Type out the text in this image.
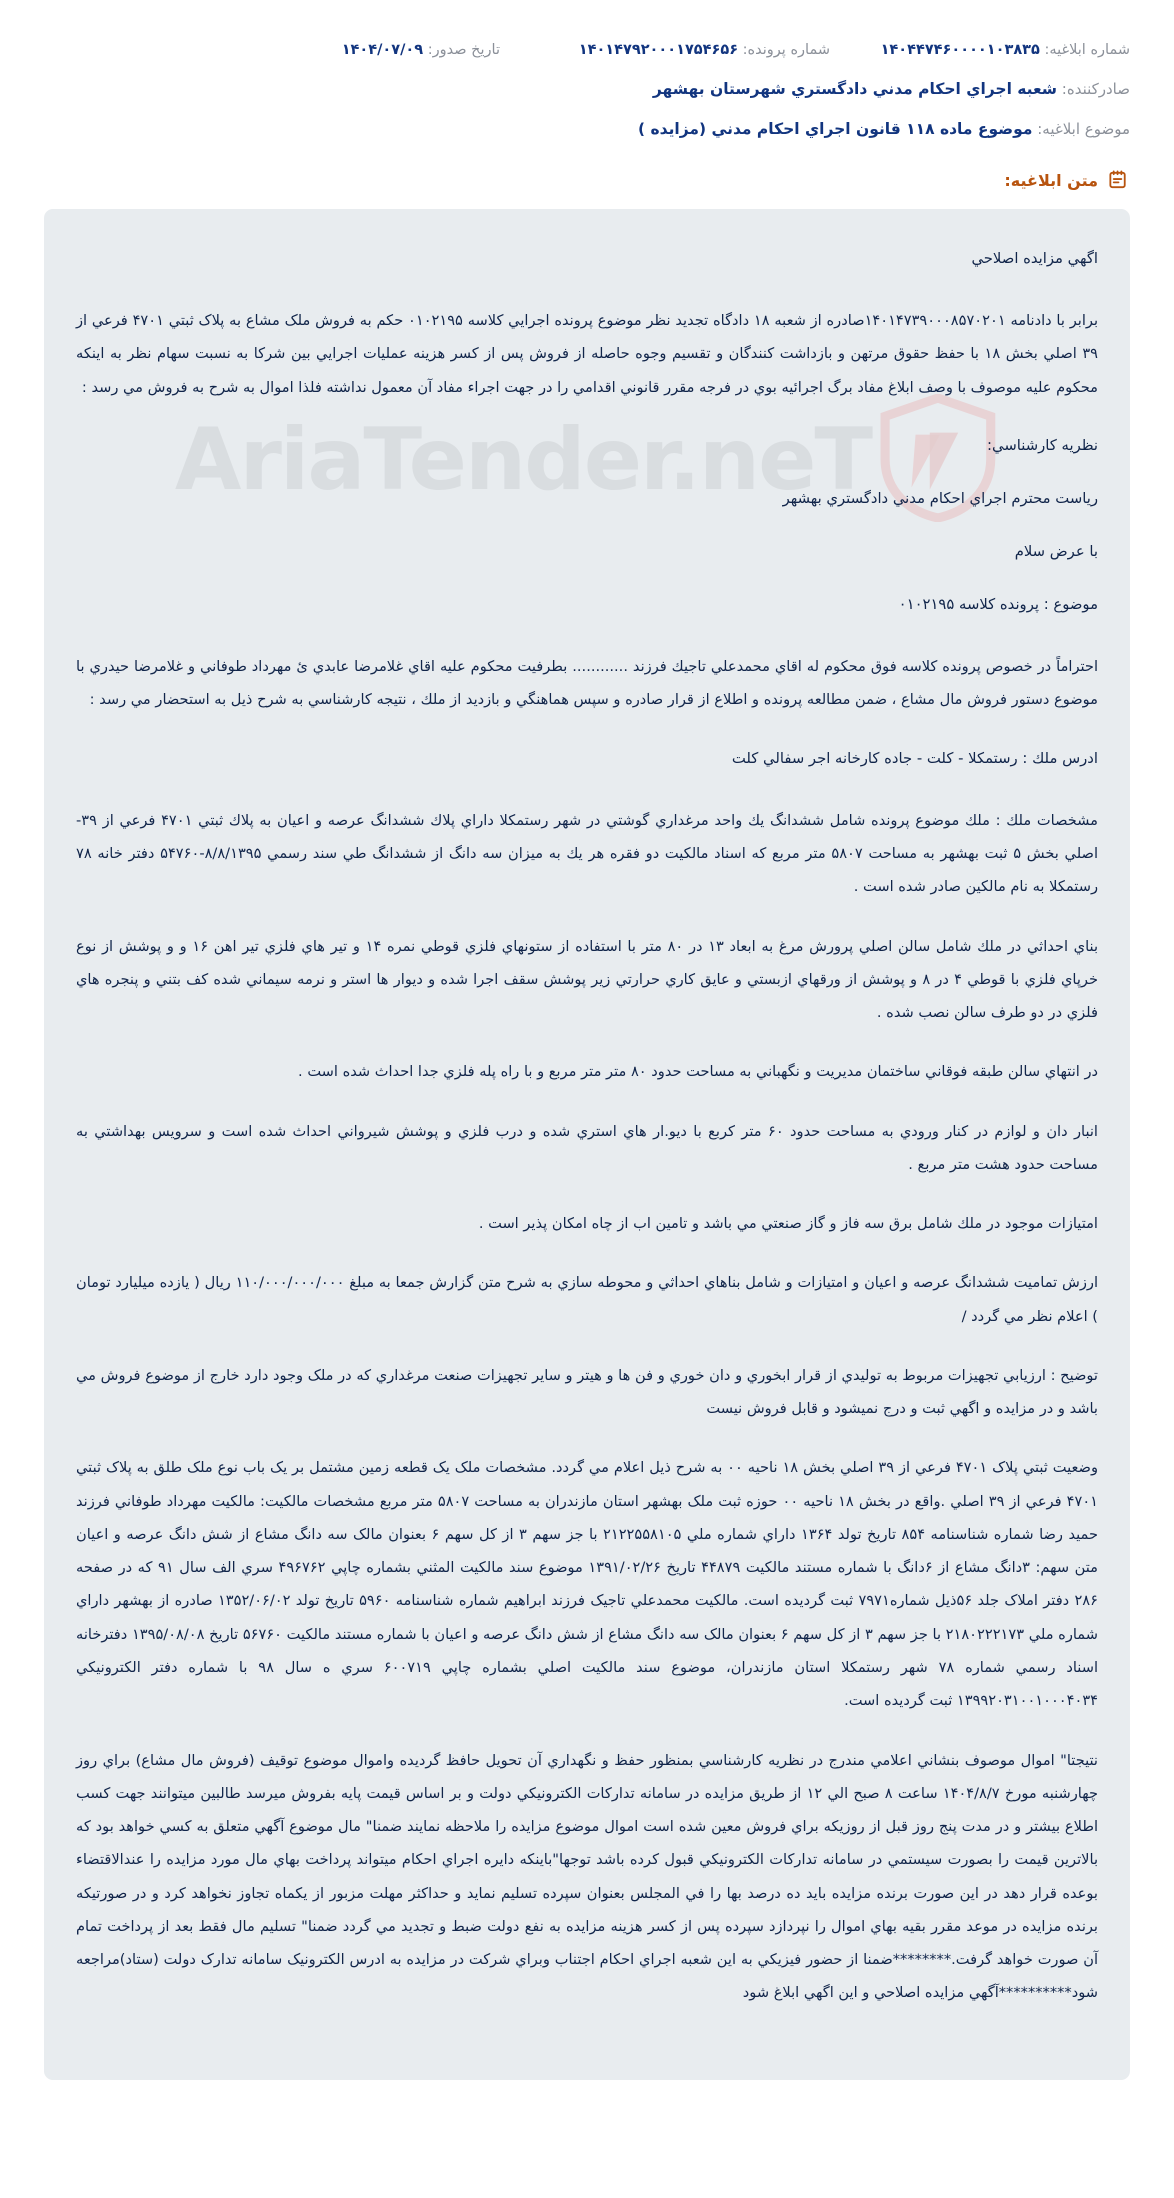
شماره ابلاغیه: ۱۴۰۴۴۷۴۶۰۰۰۰۱۰۳۸۳۵
شماره پرونده: ۱۴۰۱۴۷۹۲۰۰۰۱۷۵۴۶۵۶
تاریخ صدور: ۱۴۰۴/۰۷/۰۹
صادرکننده: شعبه اجراي احكام مدني دادگستري شهرستان بهشهر
موضوع ابلاغیه: موضوع ماده ۱۱۸ قانون اجراي احكام مدني (مزايده )
متن ابلاغیه:
AriaTender.neT

اگهي مزايده اصلاحي

برابر با دادنامه ۱۴۰۱۴۷۳۹۰۰۰۸۵۷۰۲۰۱صادره از شعبه ۱۸ دادگاه تجدید نظر موضوع پرونده اجرايي كلاسه ۰۱۰۲۱۹۵ حكم به فروش ملک مشاع به پلاک ثبتي ۴۷۰۱ فرعي از ۳۹ اصلي بخش ۱۸ با حفظ حقوق مرتهن و بازداشت كنندگان و تقسيم وجوه حاصله از فروش پس از كسر هزينه عمليات اجرايي بين شرکا به نسبت سهام نظر به اینکه محکوم علیه موصوف با وصف ابلاغ مفاد برگ اجرائیه بوي در فرجه مقرر قانوني اقدامي را در جهت اجراء مفاد آن معمول نداشته فلذا اموال به شرح به فروش مي رسد :

نظريه كارشناسي:

رياست محترم اجراي احكام مدني دادگستري بهشهر

با عرض سلام

موضوع : پرونده كلاسه ۰۱۰۲۱۹۵

احتراماً در خصوص پرونده كلاسه فوق محكوم له اقاي محمدعلي تاجيك فرزند ............ بطرفيت محكوم عليه اقاي غلامرضا عابدي ئ مهرداد طوفاني و غلامرضا حيدري با موضوع دستور فروش مال مشاع ، ضمن مطالعه پرونده و اطلاع از قرار صادره و سپس هماهنگي و بازديد از ملك ، نتيجه كارشناسي به شرح ذيل به استحضار مي رسد :

ادرس ملك : رستمكلا - كلت - جاده كارخانه اجر سفالي كلت

مشخصات ملك : ملك موضوع پرونده شامل ششدانگ يك واحد مرغداري گوشتي در شهر رستمكلا داراي پلاك ششدانگ عرصه و اعيان به پلاك ثبتي ۴۷۰۱ فرعي از ۳۹- اصلي بخش ۵ ثبت بهشهر به مساحت ۵۸۰۷ متر مربع كه اسناد مالكيت دو فقره هر يك به ميزان سه دانگ از ششدانگ طي سند رسمي ۸/۸/۱۳۹۵-۵۴۷۶۰ دفتر خانه ۷۸ رستمكلا به نام مالكين صادر شده است .

بناي احداثي در ملك شامل سالن اصلي پرورش مرغ به ابعاد ۱۳ در ۸۰ متر با استفاده از ستونهاي فلزي قوطي نمره ۱۴ و تير هاي فلزي تير اهن ۱۶ و و پوشش از نوع خرپاي فلزي با قوطي ۴ در ۸ و پوشش از ورقهاي ازبستي و عايق كاري حرارتي زير پوشش سقف اجرا شده و ديوار ها استر و نرمه سيماني شده كف بتني و پنجره هاي فلزي در دو طرف سالن نصب شده .

در انتهاي سالن طبقه فوقاني ساختمان مديريت و نگهباني به مساحت حدود ۸۰ متر متر مربع و با راه پله فلزي جدا احداث شده است .

انبار دان و لوازم در كنار ورودي به مساحت حدود ۶۰ متر كربع با ديو.ار هاي استري شده و درب فلزي و پوشش شيرواني احداث شده است و سرويس بهداشتي به مساحت حدود هشت متر مربع .

امتيازات موجود در ملك شامل برق سه فاز و گاز صنعتي مي باشد و تامين اب از چاه امكان پذير است .

ارزش تماميت ششدانگ عرصه و اعيان و امتيازات و شامل بناهاي احداثي و محوطه سازي به شرح متن گزارش جمعا به مبلغ ۱۱۰/۰۰۰/۰۰۰/۰۰۰ ريال ( يازده ميليارد تومان ) اعلام نظر مي گردد /

توضيح : ارزيابي تجهيزات مربوط به توليدي از قرار ابخوري و دان خوري و فن ها و هيتر و ساير تجهيزات صنعت مرغداري كه در ملک وجود دارد خارج از موضوع فروش مي باشد و در مزايده و اگهي ثبت و درج نميشود و قابل فروش نيست

وضعيت ثبتي پلاک ۴۷۰۱ فرعي از ۳۹ اصلي بخش ۱۸ ناحيه ۰۰ به شرح ذيل اعلام مي گردد. مشخصات ملک يک قطعه زمين مشتمل بر يک باب نوع ملک طلق به پلاک ثبتي ۴۷۰۱ فرعي از ۳۹ اصلي .واقع در بخش ۱۸ ناحيه ۰۰ حوزه ثبت ملک بهشهر استان مازندران به مساحت ۵۸۰۷ متر مربع مشخصات مالکيت: مالکيت مهرداد طوفاني فرزند حميد رضا شماره شناسنامه ۸۵۴ تاريخ تولد ۱۳۶۴ داراي شماره ملي ۲۱۲۲۵۵۸۱۰۵ با جز سهم ۳ از کل سهم ۶ بعنوان مالک سه دانگ مشاع از شش دانگ عرصه و اعيان متن سهم: ۳دانگ مشاع از ۶دانگ با شماره مستند مالکيت ۴۴۸۷۹ تاريخ ۱۳۹۱/۰۲/۲۶ موضوع سند مالکيت المثني بشماره چاپي ۴۹۶۷۶۲ سري الف سال ۹۱ که در صفحه ۲۸۶ دفتر املاک جلد ۵۶ذيل شماره۷۹۷۱ ثبت گرديده است. مالکيت محمدعلي تاجيک فرزند ابراهيم شماره شناسنامه ۵۹۶۰ تاريخ تولد ۱۳۵۲/۰۶/۰۲ صادره از بهشهر داراي شماره ملي ۲۱۸۰۲۲۲۱۷۳ با جز سهم ۳ از کل سهم ۶ بعنوان مالک سه دانگ مشاع از شش دانگ عرصه و اعيان با شماره مستند مالکيت ۵۶۷۶۰ تاريخ ۱۳۹۵/۰۸/۰۸ دفترخانه اسناد رسمي شماره ۷۸ شهر رستمکلا استان مازندران، موضوع سند مالکيت اصلي بشماره چاپي ۶۰۰۷۱۹ سري ه سال ۹۸ با شماره دفتر الکترونيکي ۱۳۹۹۲۰۳۱۰۰۱۰۰۰۴۰۳۴ ثبت گرديده است.

نتيجتا" اموال موصوف بنشاني اعلامي مندرج در نظريه كارشناسي بمنظور حفظ و نگهداري آن تحويل حافظ گرديده واموال موضوع توقيف (فروش مال مشاع) براي روز چهارشنبه مورخ ۱۴۰۴/۸/۷ ساعت ۸ صبح الي ۱۲ از طريق مزايده در سامانه تدارکات الکترونيکي دولت و بر اساس قيمت پايه بفروش ميرسد طالبين ميتوانند جهت کسب اطلاع بيشتر و در مدت پنج روز قبل از روزيکه براي فروش معين شده است اموال موضوع مزايده را ملاحظه نمايند ضمنا" مال موضوع آگهي متعلق به کسي خواهد بود که بالاترين قيمت را بصورت سيستمي در سامانه تدارکات الکترونيکي قبول کرده باشد توجها"باينکه دايره اجراي احکام ميتواند پرداخت بهاي مال مورد مزايده را عندالاقتضاء بوعده قرار دهد در اين صورت برنده مزايده بايد ده درصد بها را في المجلس بعنوان سپرده تسليم نمايد و حداکثر مهلت مزبور از يکماه تجاوز نخواهد کرد و در صورتيکه برنده مزايده در موعد مقرر بقيه بهاي اموال را نپردازد سپرده پس از کسر هزينه مزايده به نفع دولت ضبط و تجديد مي گردد ضمنا" تسليم مال فقط بعد از پرداخت تمام آن صورت خواهد گرفت.********ضمنا از حضور فيزيکي به اين شعبه اجراي احکام اجتناب وبراي شرکت در مزايده به ادرس الکترونيک سامانه تدارک دولت (ستاد)مراجعه شود**********آگهي مزايده اصلاحي و اين اگهي ابلاغ شود
